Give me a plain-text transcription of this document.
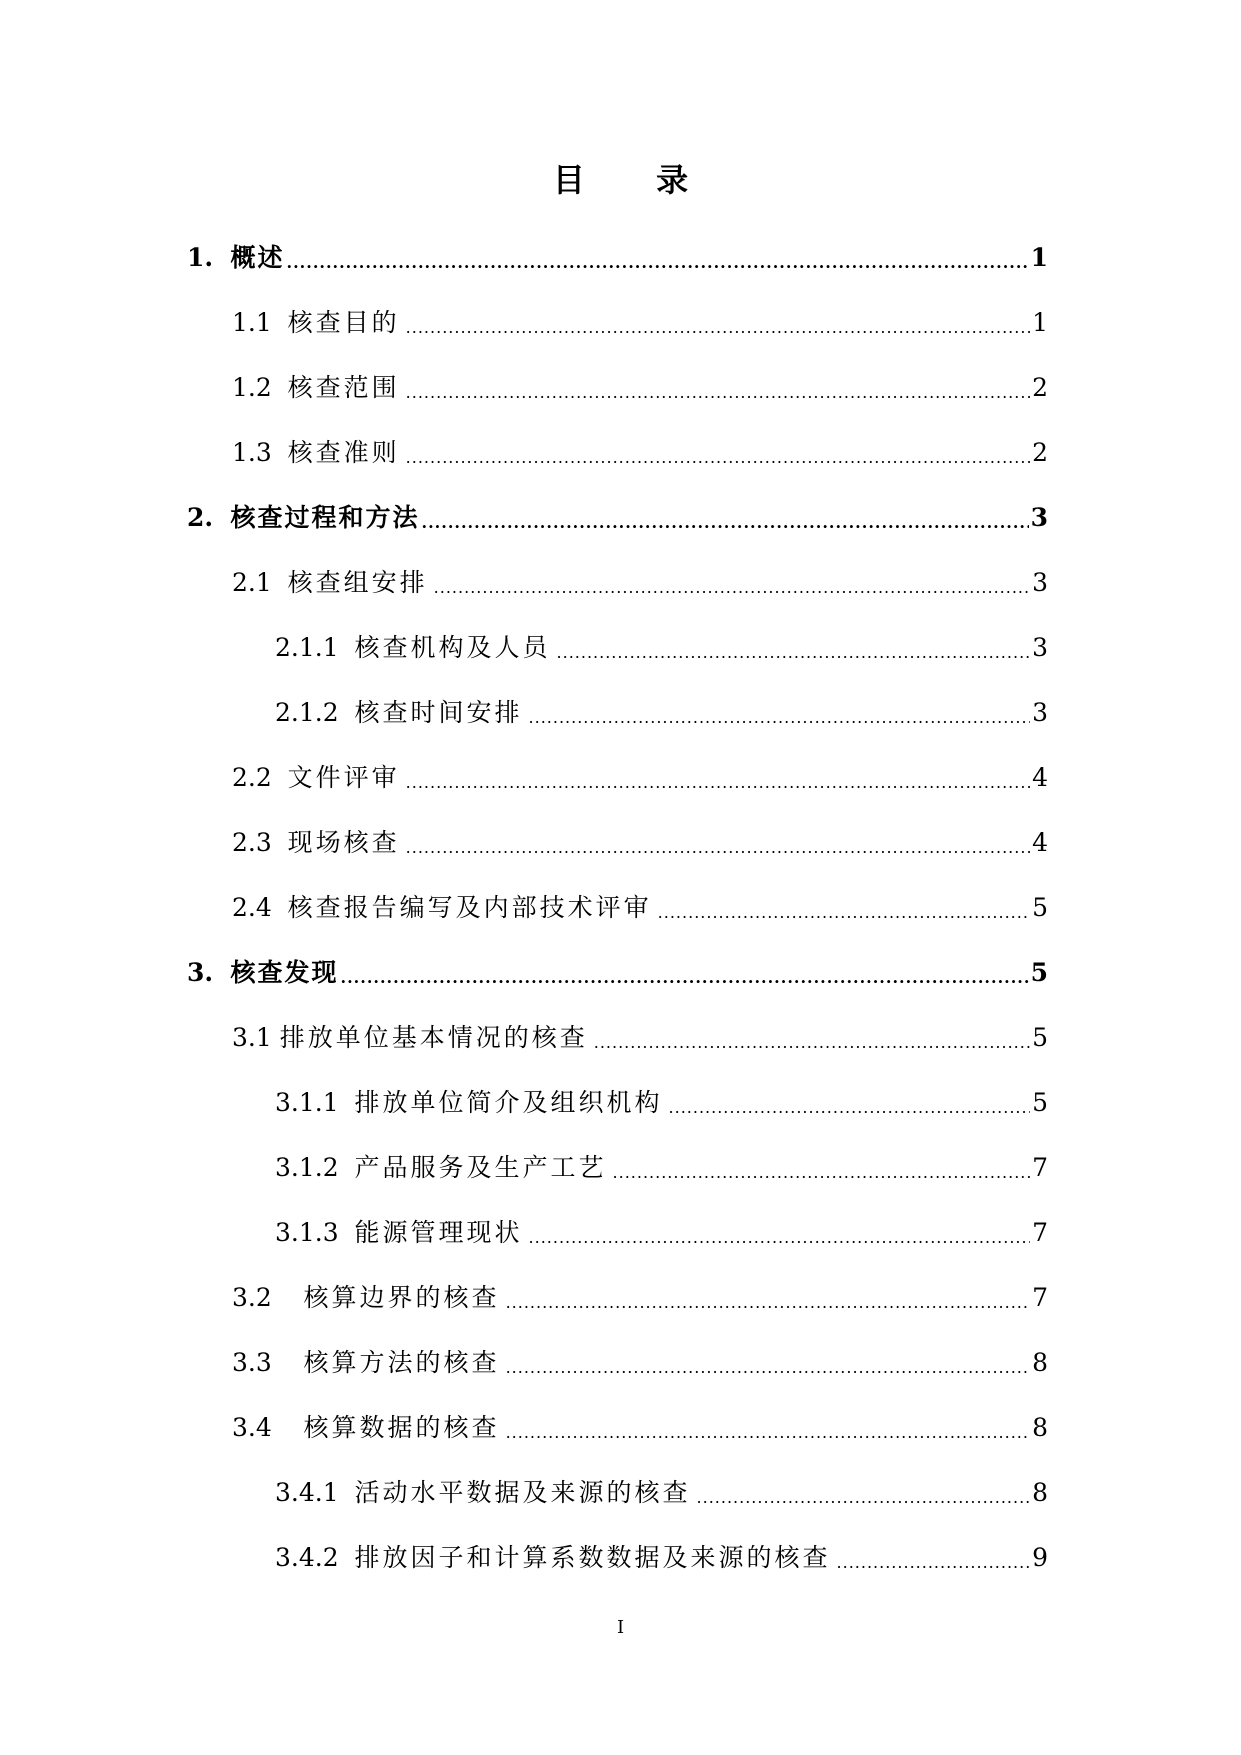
目 录
1. 概述 .....	1
1.1 核查目的 .....	1
1.2 核查范围 .....	2
1.3 核查准则 .....	2
2. 核查过程和方法 .....	3
2.1 核查组安排 .....	3
2.1.1 核查机构及人员 .....	3
2.1.2 核查时间安排 .....	3
2.2 文件评审 .....	4
2.3 现场核查 .....	4
2.4 核查报告编写及内部技术评审 .....	5
3. 核查发现 .....	5
3.1 排放单位基本情况的核查 .....	5
3.1.1 排放单位简介及组织机构 .....	5
3.1.2 产品服务及生产工艺 .....	7
3.1.3 能源管理现状 .....	7
3.2 核算边界的核查 .....	7
3.3 核算方法的核查 .....	8
3.4 核算数据的核查 .....	8
3.4.1 活动水平数据及来源的核查 .....	8
3.4.2 排放因子和计算系数数据及来源的核查 .....	9
I
